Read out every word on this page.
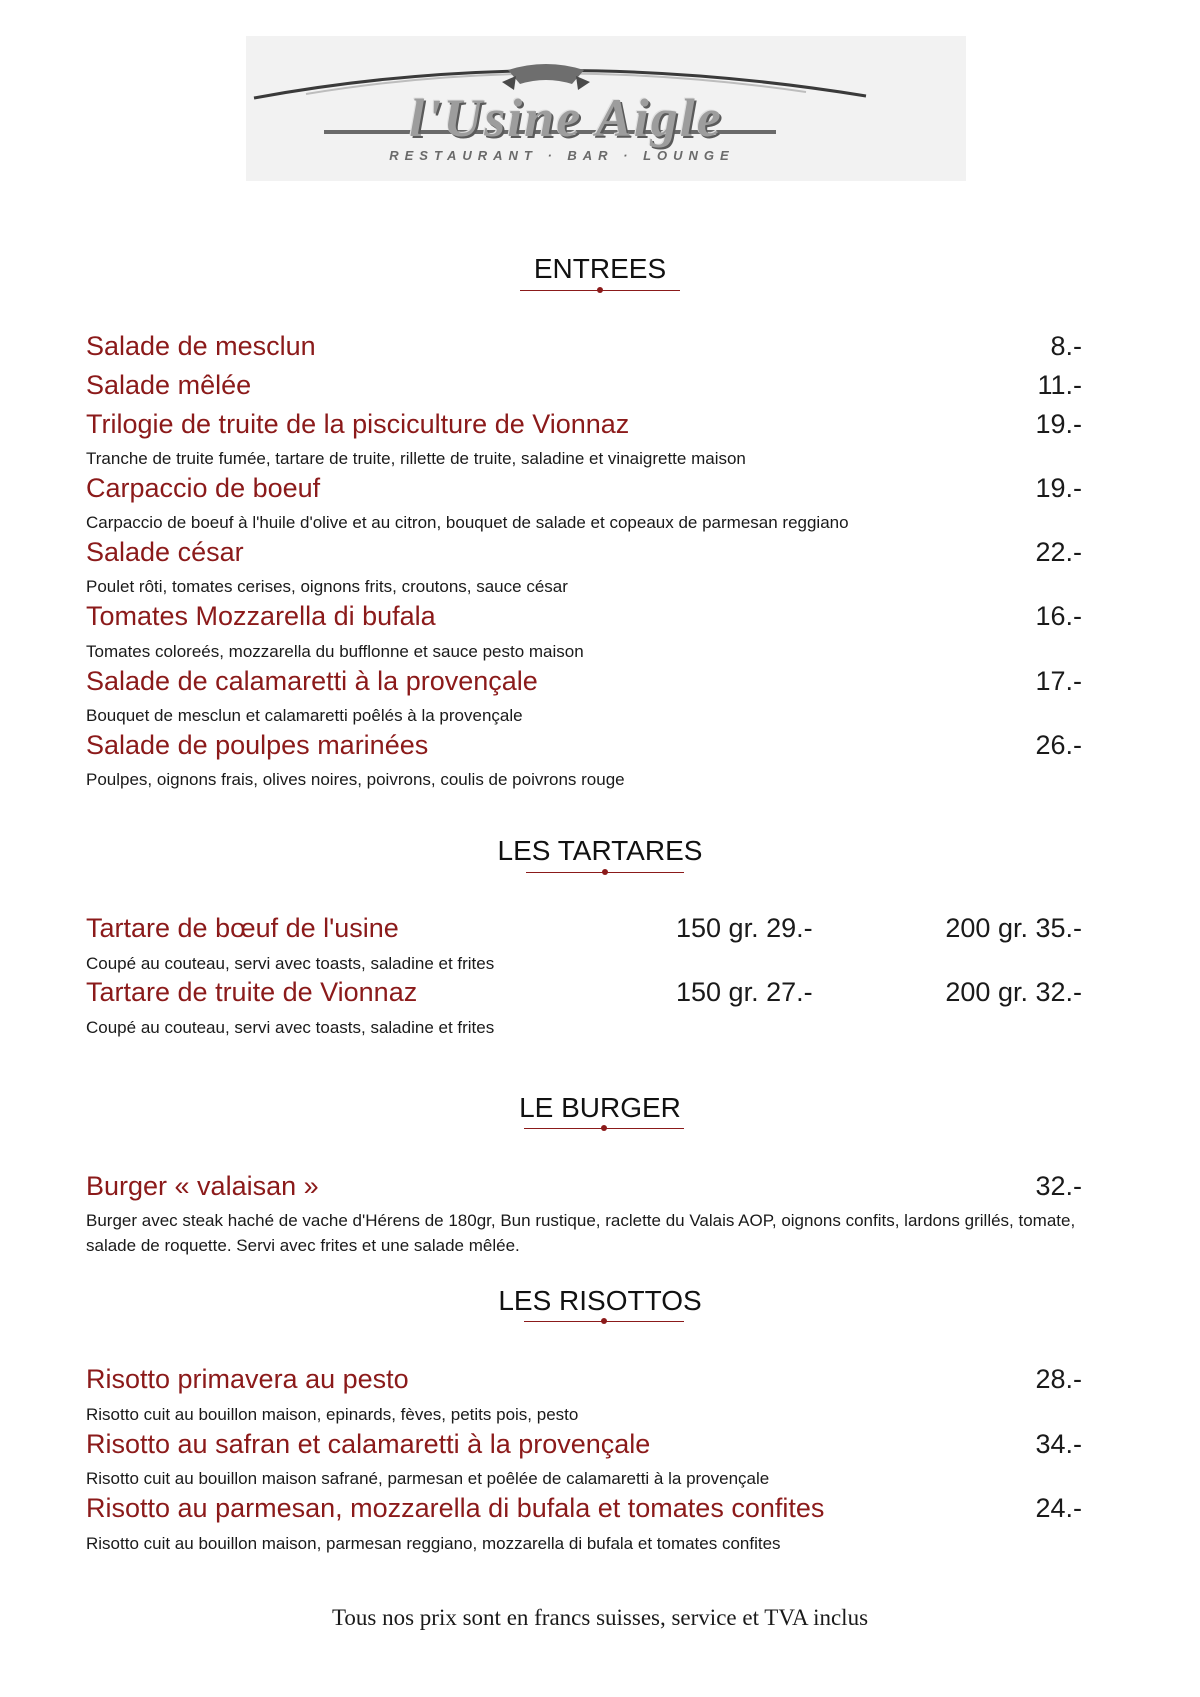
l'Usine Aigle
RESTAURANT · BAR · LOUNGE
ENTREES
Salade de mesclun	8.-
Salade mêlée	11.-
Trilogie de truite de la pisciculture de Vionnaz	19.-
Tranche de truite fumée, tartare de truite, rillette de truite, saladine et vinaigrette maison
Carpaccio de boeuf	19.-
Carpaccio de boeuf à l'huile d'olive et au citron, bouquet de salade et copeaux de parmesan reggiano
Salade césar	22.-
Poulet rôti, tomates cerises, oignons frits, croutons, sauce césar
Tomates Mozzarella di bufala	16.-
Tomates coloreés, mozzarella du bufflonne et sauce pesto maison
Salade de calamaretti à la provençale	17.-
Bouquet de mesclun et calamaretti poêlés à la provençale
Salade de poulpes marinées	26.-
Poulpes, oignons frais, olives noires, poivrons, coulis de poivrons rouge
LES TARTARES
Tartare de bœuf de l'usine	150 gr. 29.-	200 gr. 35.-
Coupé au couteau, servi avec toasts, saladine et frites
Tartare de truite de Vionnaz	150 gr. 27.-	200 gr. 32.-
Coupé au couteau, servi avec toasts, saladine et frites
LE BURGER
Burger « valaisan »	32.-
Burger avec steak haché de vache d'Hérens de 180gr, Bun rustique, raclette du Valais AOP, oignons confits, lardons grillés, tomate, salade de roquette. Servi avec frites et une salade mêlée.
LES RISOTTOS
Risotto primavera au pesto	28.-
Risotto cuit au bouillon maison, epinards, fèves, petits pois, pesto
Risotto au safran et calamaretti à la provençale	34.-
Risotto cuit au bouillon maison safrané, parmesan et poêlée de calamaretti à la provençale
Risotto au parmesan, mozzarella di bufala et tomates confites	24.-
Risotto cuit au bouillon maison, parmesan reggiano, mozzarella di bufala et tomates confites
Tous nos prix sont en francs suisses, service et TVA inclus
